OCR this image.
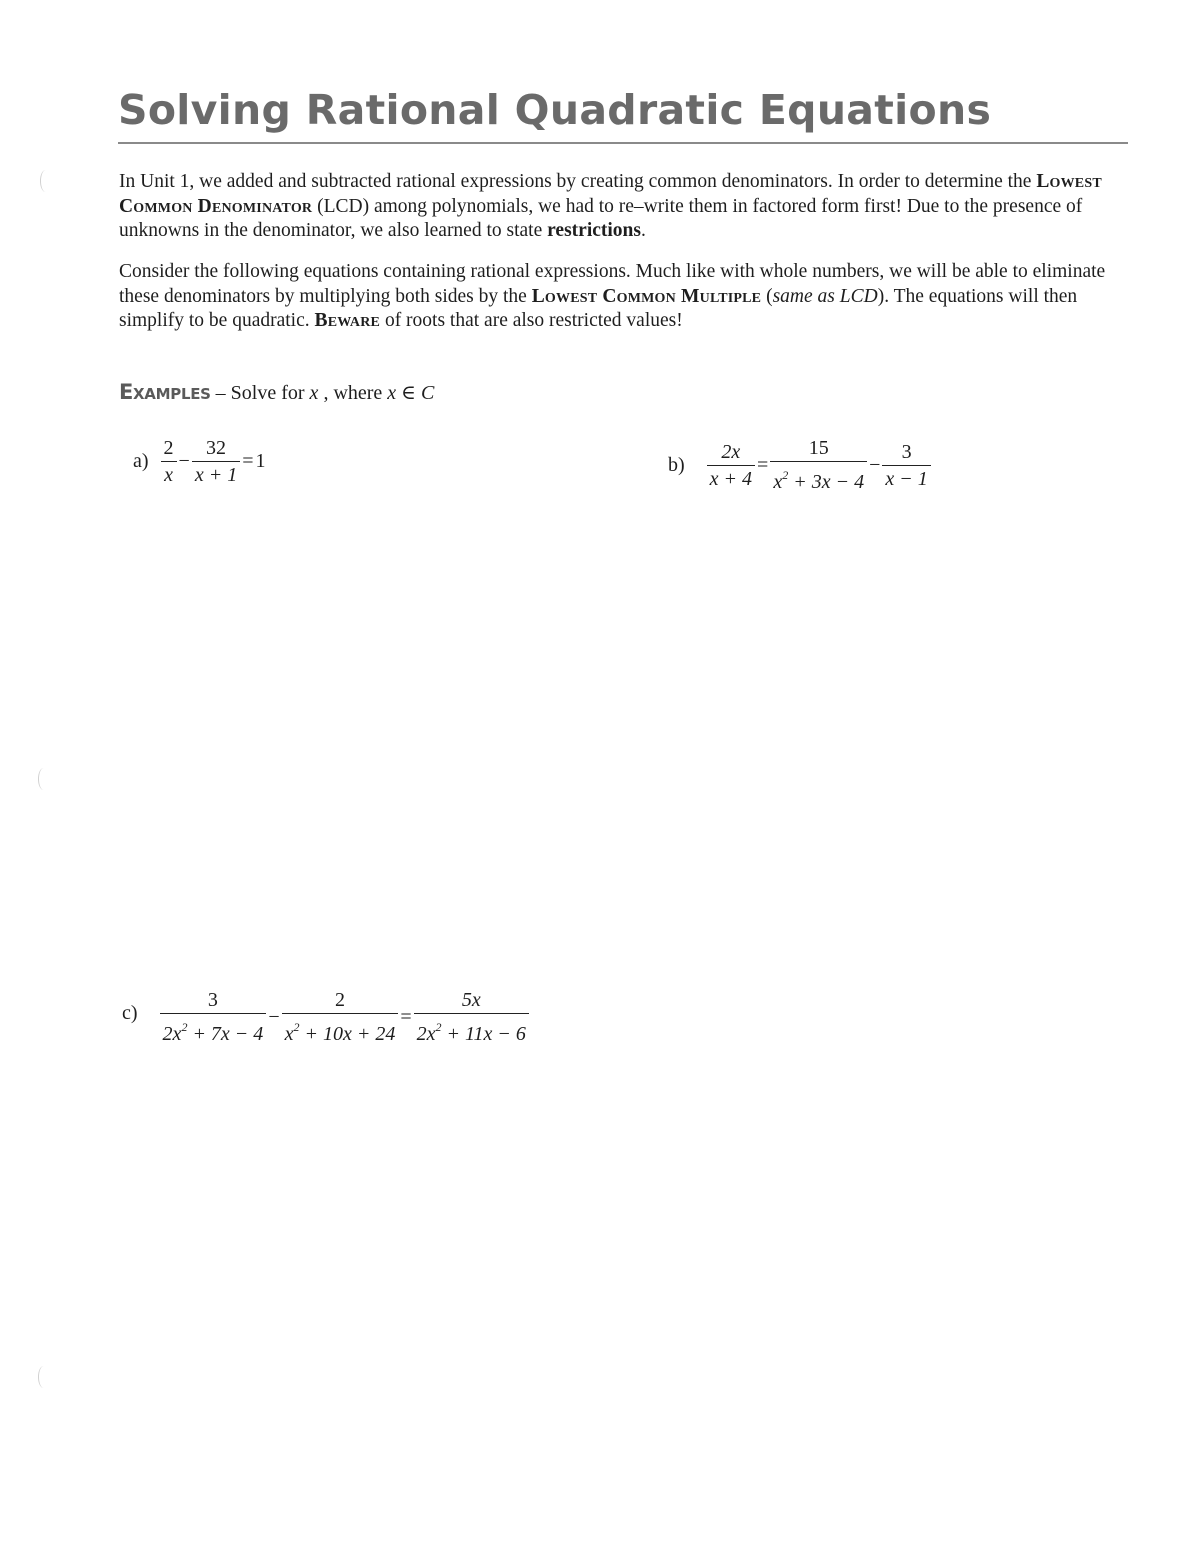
Solving Rational Quadratic Equations

In Unit 1, we added and subtracted rational expressions by creating common denominators. In order to determine the Lowest Common Denominator (LCD) among polynomials, we had to re–write them in factored form first! Due to the presence of unknowns in the denominator, we also learned to state restrictions.

Consider the following equations containing rational expressions. Much like with whole numbers, we will be able to eliminate these denominators by multiplying both sides by the Lowest Common Multiple (same as LCD). The equations will then simplify to be quadratic. Beware of roots that are also restricted values!

Examples – Solve for x , where x ∈ C
$a) \frac{2}{x} - \frac{32}{x + 1} = 1$	$b) \frac{2x}{x + 4} = \frac{15}{x^2 + 3x - 4} - \frac{3}{x - 1}$
$c) \frac{3}{2x^2 + 7x - 4} - \frac{2}{x^2 + 10x + 24} = \frac{5x}{2x^2 + 11x - 6}$
